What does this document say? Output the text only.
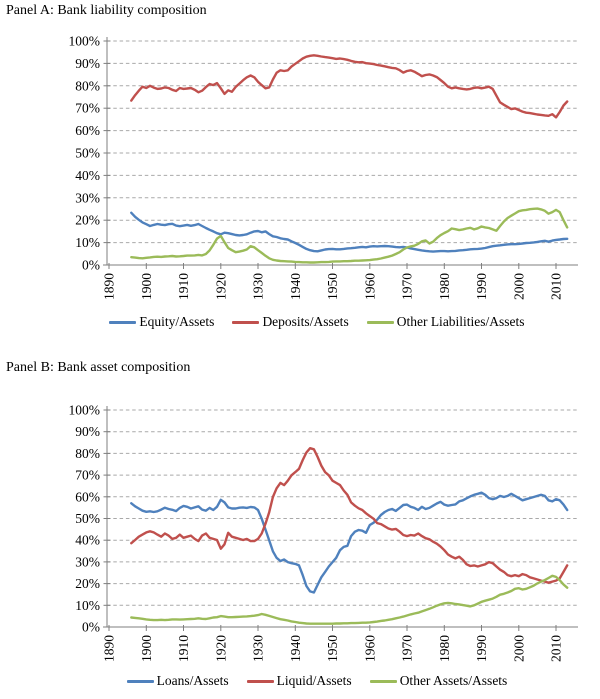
Panel A: Bank liability composition
0%
10%
20%
30%
40%
50%
60%
70%
80%
90%
100%
1890 1900 1910 1920 1930 1940 1950 1960 1970 1980 1990 2000 2010
Equity/Assets	Deposits/Assets	Other Liabilities/Assets
Panel B: Bank asset composition
0%
10%
20%
30%
40%
50%
60%
70%
80%
90%
100%
1890 1900 1910 1920 1930 1940 1950 1960 1970 1980 1990 2000 2010
Loans/Assets	Liquid/Assets	Other Assets/Assets
